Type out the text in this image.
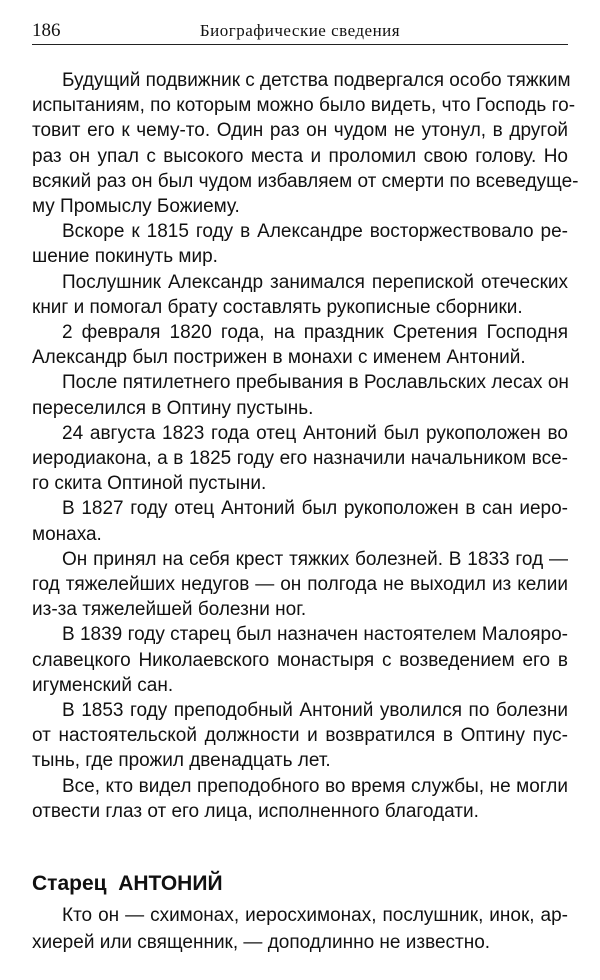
186	Биографические сведения
Будущий подвижник с детства подвергался особо тяжким
испытаниям, по которым можно было видеть, что Господь го-
товит его к чему-то. Один раз он чудом не утонул, в другой
раз он упал с высокого места и проломил свою голову. Но
всякий раз он был чудом избавляем от смерти по всеведуще-
му Промыслу Божиему.
Вскоре к 1815 году в Александре восторжествовало ре-
шение покинуть мир.
Послушник Александр занимался перепиской отеческих
книг и помогал брату составлять рукописные сборники.
2 февраля 1820 года, на праздник Сретения Господня
Александр был пострижен в монахи с именем Антоний.
После пятилетнего пребывания в Рославльских лесах он
переселился в Оптину пустынь.
24 августа 1823 года отец Антоний был рукоположен во
иеродиакона, а в 1825 году его назначили начальником все-
го скита Оптиной пустыни.
В 1827 году отец Антоний был рукоположен в сан иеро-
монаха.
Он принял на себя крест тяжких болезней. В 1833 год —
год тяжелейших недугов — он полгода не выходил из келии
из-за тяжелейшей болезни ног.
В 1839 году старец был назначен настоятелем Малояро-
славецкого Николаевского монастыря с возведением его в
игуменский сан.
В 1853 году преподобный Антоний уволился по болезни
от настоятельской должности и возвратился в Оптину пус-
тынь, где прожил двенадцать лет.
Все, кто видел преподобного во время службы, не могли
отвести глаз от его лица, исполненного благодати.
Старец  АНТОНИЙ
Кто он — схимонах, иеросхимонах, послушник, инок, ар-
хиерей или священник, — доподлинно не известно.
